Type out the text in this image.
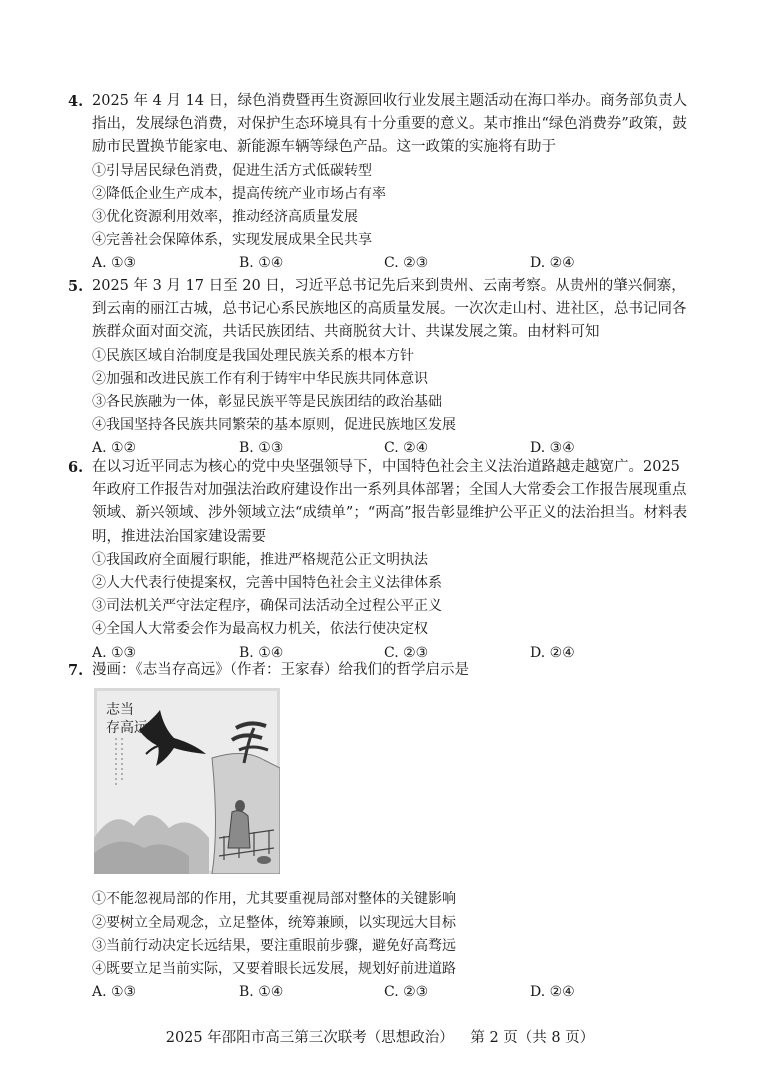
4. 2025 年 4 月 14 日，绿色消费暨再生资源回收行业发展主题活动在海口举办。商务部负责人指出，发展绿色消费，对保护生态环境具有十分重要的意义。某市推出“绿色消费券”政策，鼓励市民置换节能家电、新能源车辆等绿色产品。这一政策的实施将有助于
①引导居民绿色消费，促进生活方式低碳转型
②降低企业生产成本，提高传统产业市场占有率
③优化资源利用效率，推动经济高质量发展
④完善社会保障体系，实现发展成果全民共享
A. ①③	B. ①④	C. ②③	D. ②④
5. 2025 年 3 月 17 日至 20 日，习近平总书记先后来到贵州、云南考察。从贵州的肇兴侗寨，到云南的丽江古城，总书记心系民族地区的高质量发展。一次次走山村、进社区，总书记同各族群众面对面交流，共话民族团结、共商脱贫大计、共谋发展之策。由材料可知
①民族区域自治制度是我国处理民族关系的根本方针
②加强和改进民族工作有利于铸牢中华民族共同体意识
③各民族融为一体，彰显民族平等是民族团结的政治基础
④我国坚持各民族共同繁荣的基本原则，促进民族地区发展
A. ①②	B. ①③	C. ②④	D. ③④
6. 在以习近平同志为核心的党中央坚强领导下，中国特色社会主义法治道路越走越宽广。2025 年政府工作报告对加强法治政府建设作出一系列具体部署；全国人大常委会工作报告展现重点领域、新兴领域、涉外领域立法“成绩单”；“两高”报告彰显维护公平正义的法治担当。材料表明，推进法治国家建设需要
①我国政府全面履行职能，推进严格规范公正文明执法
②人大代表行使提案权，完善中国特色社会主义法律体系
③司法机关严守法定程序，确保司法活动全过程公平正义
④全国人大常委会作为最高权力机关，依法行使决定权
A. ①③	B. ①④	C. ②③	D. ②④
7. 漫画：《志当存高远》（作者：王家春）给我们的哲学启示是
志当
存高远
①不能忽视局部的作用，尤其要重视局部对整体的关键影响
②要树立全局观念，立足整体，统筹兼顾，以实现远大目标
③当前行动决定长远结果，要注重眼前步骤，避免好高骛远
④既要立足当前实际，又要着眼长远发展，规划好前进道路
A. ①③	B. ①④	C. ②③	D. ②④
2025 年邵阳市高三第三次联考（思想政治） 第 2 页（共 8 页）
